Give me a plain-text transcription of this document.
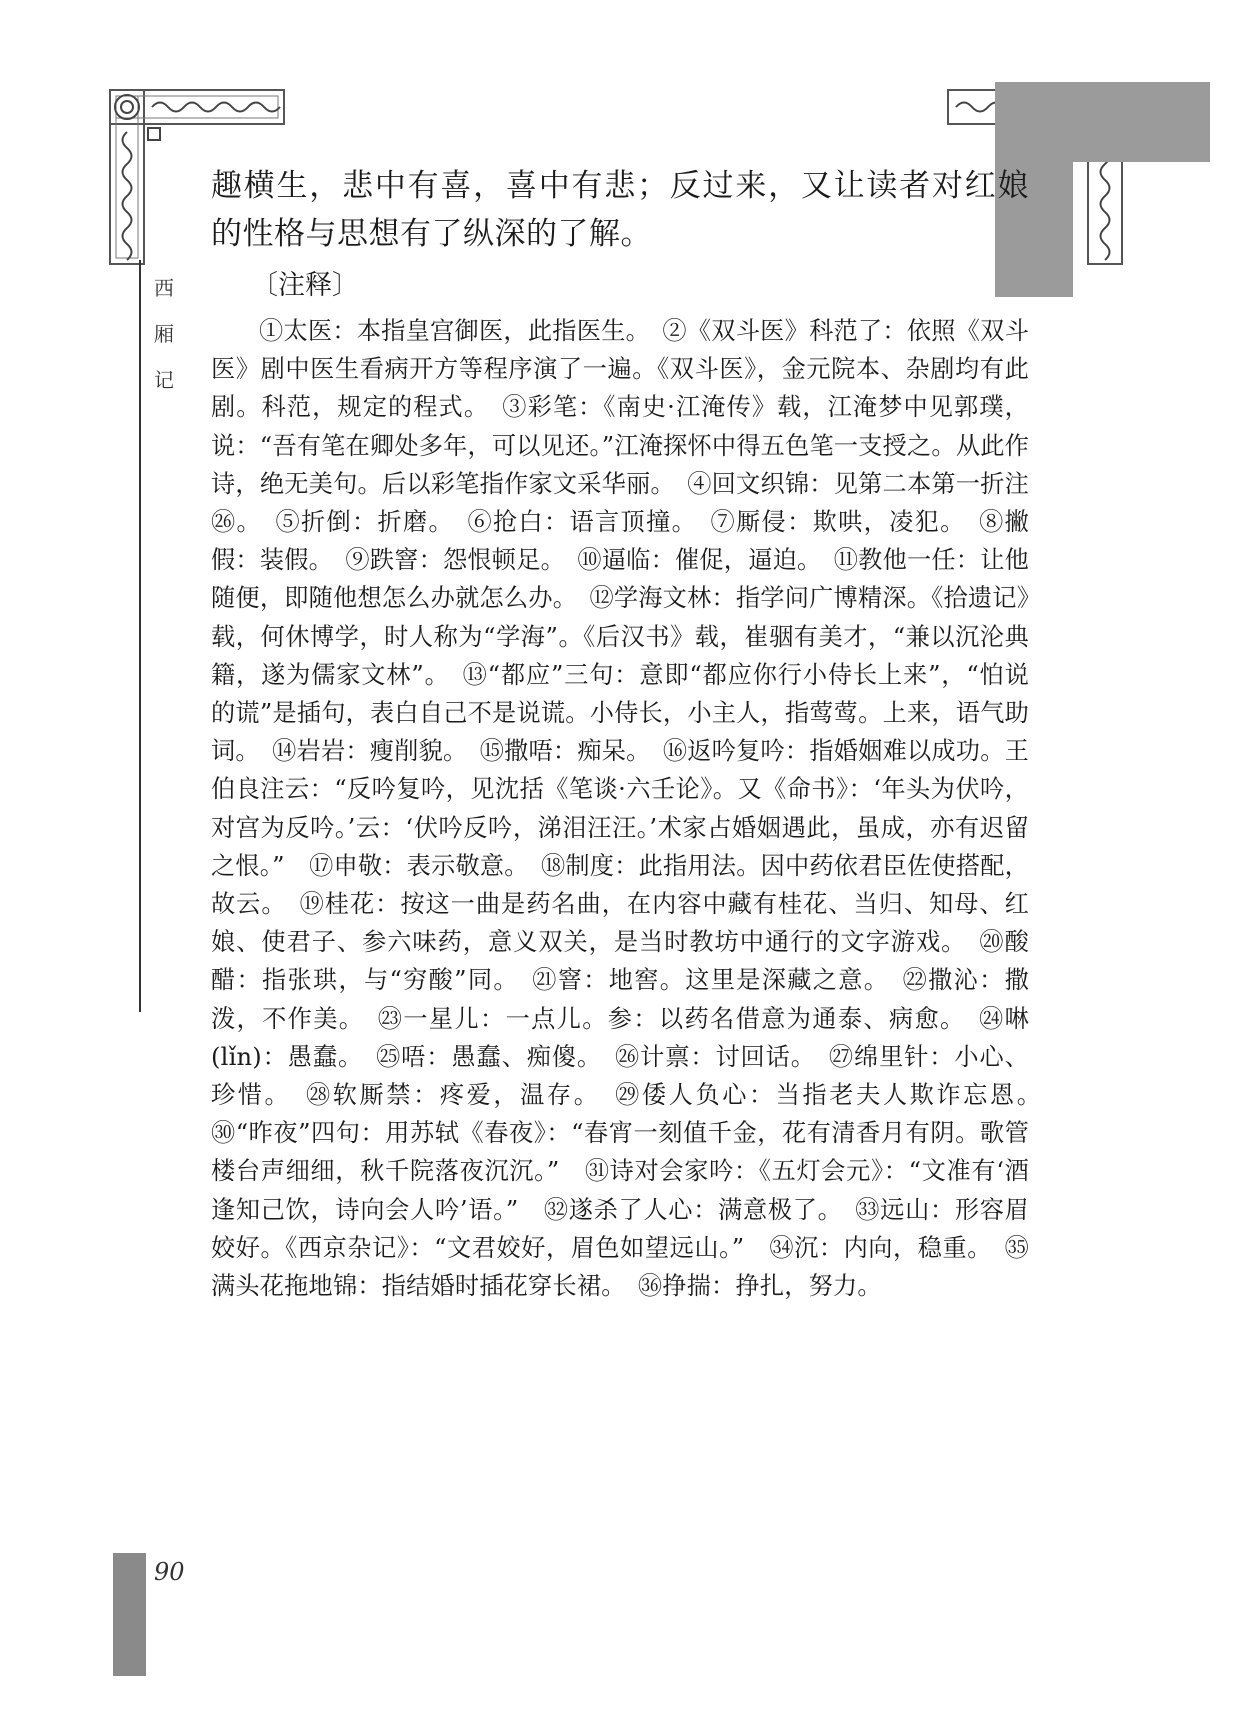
西
厢
记

趣横生，悲中有喜，喜中有悲；反过来，又让读者对红娘的性格与思想有了纵深的了解。

〔注释〕

①太医：本指皇宫御医，此指医生。　②《双斗医》科范了：依照《双斗医》剧中医生看病开方等程序演了一遍。《双斗医》，金元院本、杂剧均有此剧。科范，规定的程式。　③彩笔：《南史·江淹传》载，江淹梦中见郭璞，说：“吾有笔在卿处多年，可以见还。”江淹探怀中得五色笔一支授之。从此作诗，绝无美句。后以彩笔指作家文采华丽。　④回文织锦：见第二本第一折注㉖。　⑤折倒：折磨。　⑥抢白：语言顶撞。　⑦厮侵：欺哄，凌犯。　⑧撇假：装假。　⑨跌窨：怨恨顿足。　⑩逼临：催促，逼迫。　⑪教他一任：让他随便，即随他想怎么办就怎么办。　⑫学海文林：指学问广博精深。《拾遗记》载，何休博学，时人称为“学海”。《后汉书》载，崔骃有美才，“兼以沉沦典籍，遂为儒家文林”。　⑬“都应”三句：意即“都应你行小侍长上来”，“怕说的谎”是插句，表白自己不是说谎。小侍长，小主人，指莺莺。上来，语气助词。　⑭岩岩：瘦削貌。　⑮撒唔：痴呆。　⑯返吟复吟：指婚姻难以成功。王伯良注云：“反吟复吟，见沈括《笔谈·六壬论》。又《命书》：‘年头为伏吟，对宫为反吟。’云：‘伏吟反吟，涕泪汪汪。’术家占婚姻遇此，虽成，亦有迟留之恨。”　⑰申敬：表示敬意。　⑱制度：此指用法。因中药依君臣佐使搭配，故云。　⑲桂花：按这一曲是药名曲，在内容中藏有桂花、当归、知母、红娘、使君子、参六味药，意义双关，是当时教坊中通行的文字游戏。　⑳酸醋：指张珙，与“穷酸”同。　㉑窨：地窖。这里是深藏之意。　㉒撒沁：撒泼，不作美。　㉓一星儿：一点儿。参：以药名借意为通泰、病愈。　㉔啉(lǐn)：愚蠢。　㉕唔：愚蠢、痴傻。　㉖计禀：讨回话。　㉗绵里针：小心、珍惜。　㉘软厮禁：疼爱，温存。　㉙倭人负心：当指老夫人欺诈忘恩。　㉚“昨夜”四句：用苏轼《春夜》：“春宵一刻值千金，花有清香月有阴。歌管楼台声细细，秋千院落夜沉沉。”　㉛诗对会家吟：《五灯会元》：“文准有‘酒逢知己饮，诗向会人吟’语。”　㉜遂杀了人心：满意极了。　㉝远山：形容眉姣好。《西京杂记》：“文君姣好，眉色如望远山。”　㉞沉：内向，稳重。　㉟满头花拖地锦：指结婚时插花穿长裙。　㊱挣揣：挣扎，努力。

90
